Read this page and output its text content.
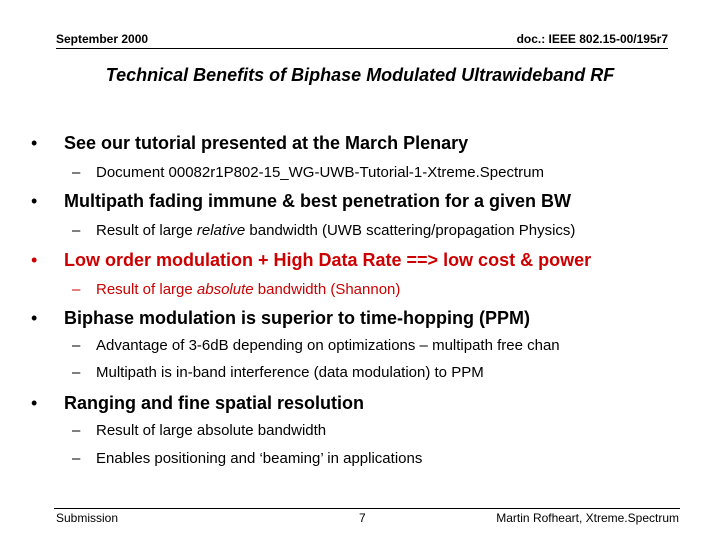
September 2000	doc.: IEEE 802.15-00/195r7
Technical Benefits of Biphase Modulated Ultrawideband RF
• See our tutorial presented at the March Plenary
– Document 00082r1P802-15_WG-UWB-Tutorial-1-Xtreme.Spectrum
• Multipath fading immune & best penetration for a given BW
– Result of large relative bandwidth (UWB scattering/propagation Physics)
• Low order modulation + High Data Rate ==> low cost & power
– Result of large absolute bandwidth (Shannon)
• Biphase modulation is superior to time-hopping (PPM)
– Advantage of 3-6dB depending on optimizations – multipath free chan
– Multipath is in-band interference (data modulation) to PPM
• Ranging and fine spatial resolution
– Result of large absolute bandwidth
– Enables positioning and ‘beaming’ in applications
Submission	7	Martin Rofheart, Xtreme.Spectrum
